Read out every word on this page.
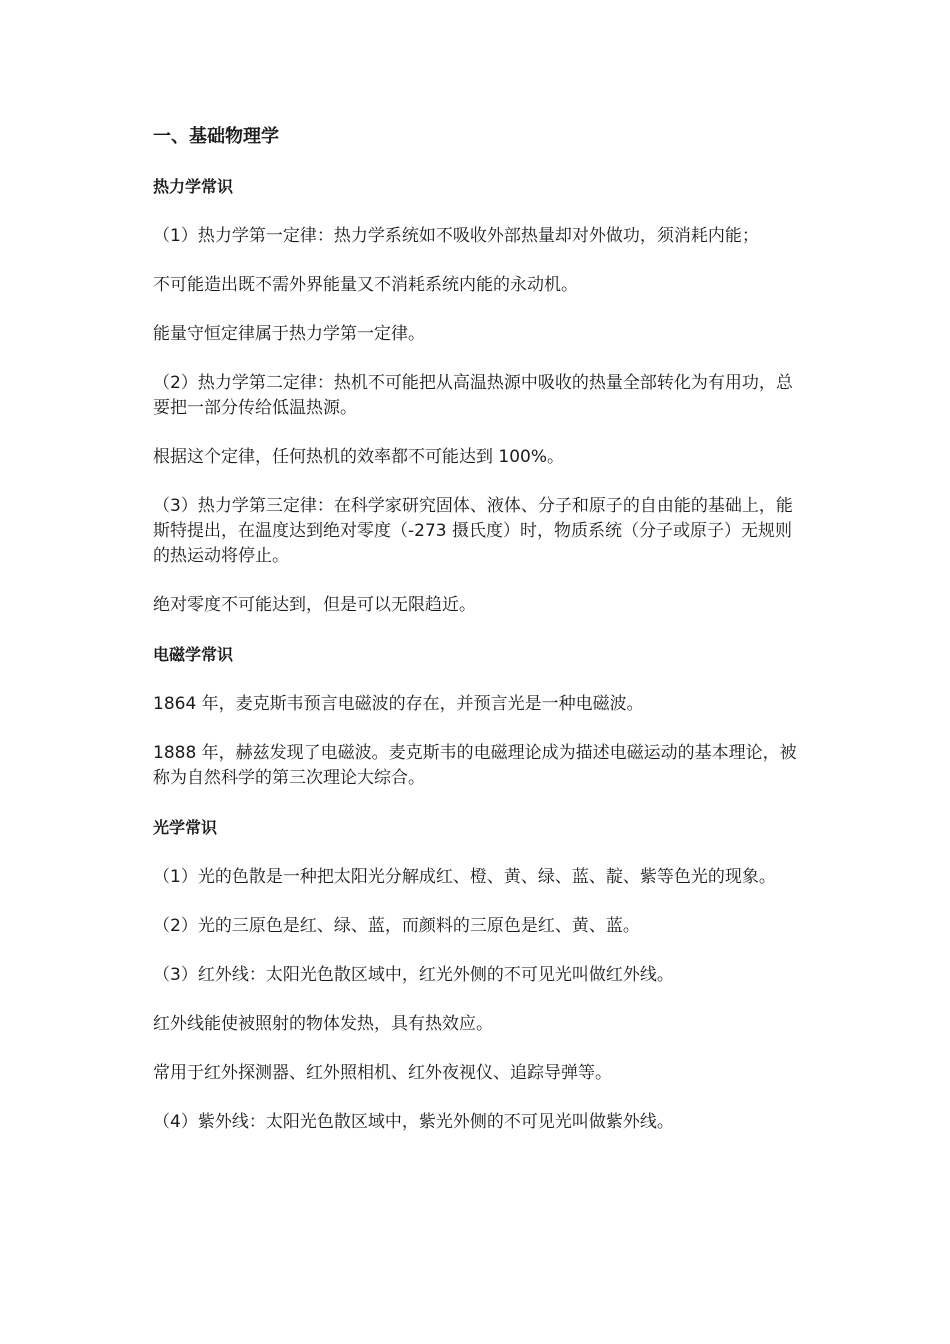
一、基础物理学
热力学常识
（1）热力学第一定律：热力学系统如不吸收外部热量却对外做功，须消耗内能；
不可能造出既不需外界能量又不消耗系统内能的永动机。
能量守恒定律属于热力学第一定律。
（2）热力学第二定律：热机不可能把从高温热源中吸收的热量全部转化为有用功，总要把一部分传给低温热源。
根据这个定律，任何热机的效率都不可能达到 100%。
（3）热力学第三定律：在科学家研究固体、液体、分子和原子的自由能的基础上，能斯特提出，在温度达到绝对零度（-273 摄氏度）时，物质系统（分子或原子）无规则的热运动将停止。
绝对零度不可能达到，但是可以无限趋近。
电磁学常识
1864 年，麦克斯韦预言电磁波的存在，并预言光是一种电磁波。
1888 年，赫兹发现了电磁波。麦克斯韦的电磁理论成为描述电磁运动的基本理论，被称为自然科学的第三次理论大综合。
光学常识
（1）光的色散是一种把太阳光分解成红、橙、黄、绿、蓝、靛、紫等色光的现象。
（2）光的三原色是红、绿、蓝，而颜料的三原色是红、黄、蓝。
（3）红外线：太阳光色散区域中，红光外侧的不可见光叫做红外线。
红外线能使被照射的物体发热，具有热效应。
常用于红外探测器、红外照相机、红外夜视仪、追踪导弹等。
（4）紫外线：太阳光色散区域中，紫光外侧的不可见光叫做紫外线。
